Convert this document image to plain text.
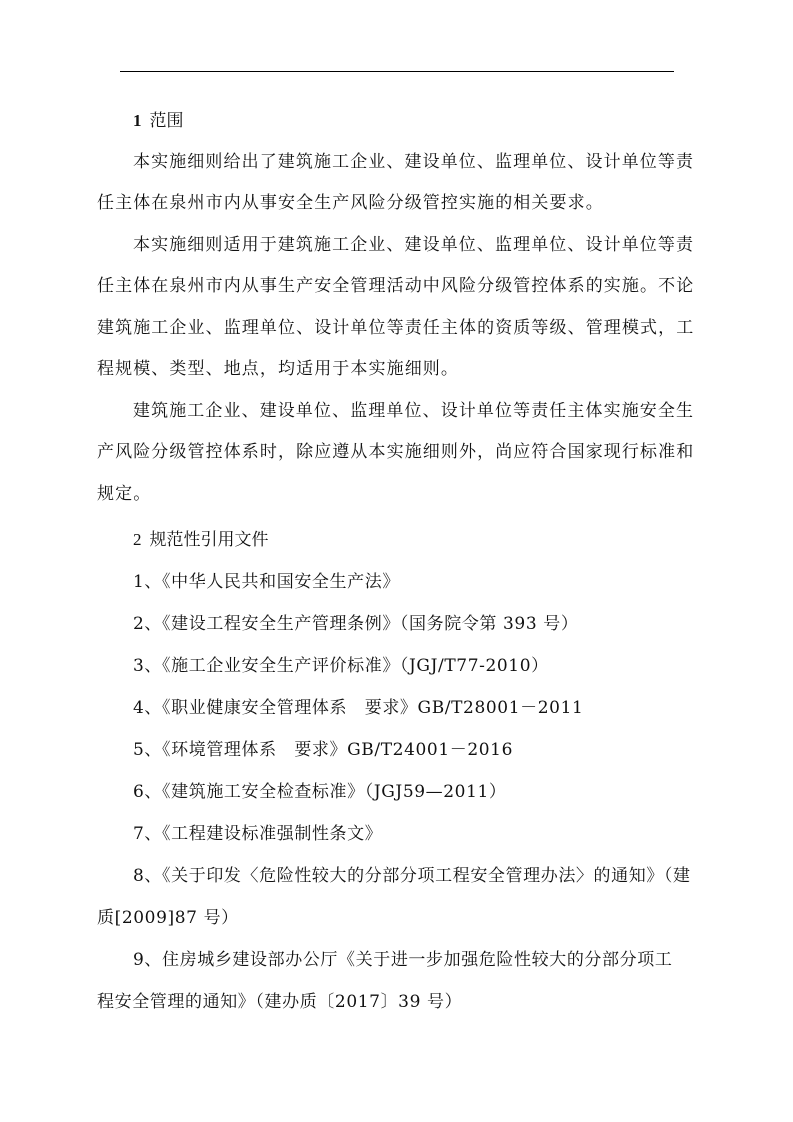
1 范围
本实施细则给出了建筑施工企业、建设单位、监理单位、设计单位等责
任主体在泉州市内从事安全生产风险分级管控实施的相关要求。
本实施细则适用于建筑施工企业、建设单位、监理单位、设计单位等责
任主体在泉州市内从事生产安全管理活动中风险分级管控体系的实施。不论
建筑施工企业、监理单位、设计单位等责任主体的资质等级、管理模式，工
程规模、类型、地点，均适用于本实施细则。
建筑施工企业、建设单位、监理单位、设计单位等责任主体实施安全生
产风险分级管控体系时，除应遵从本实施细则外，尚应符合国家现行标准和
规定。
2 规范性引用文件
1、《中华人民共和国安全生产法》
2、《建设工程安全生产管理条例》（国务院令第 393 号）
3、《施工企业安全生产评价标准》（JGJ/T77-2010）
4、《职业健康安全管理体系　要求》GB/T28001－2011
5、《环境管理体系　要求》GB/T24001－2016
6、《建筑施工安全检查标准》（JGJ59—2011）
7、《工程建设标准强制性条文》
8、《关于印发〈危险性较大的分部分项工程安全管理办法〉的通知》（建
质[2009]87 号）
9、住房城乡建设部办公厅《关于进一步加强危险性较大的分部分项工
程安全管理的通知》（建办质〔2017〕39 号）
